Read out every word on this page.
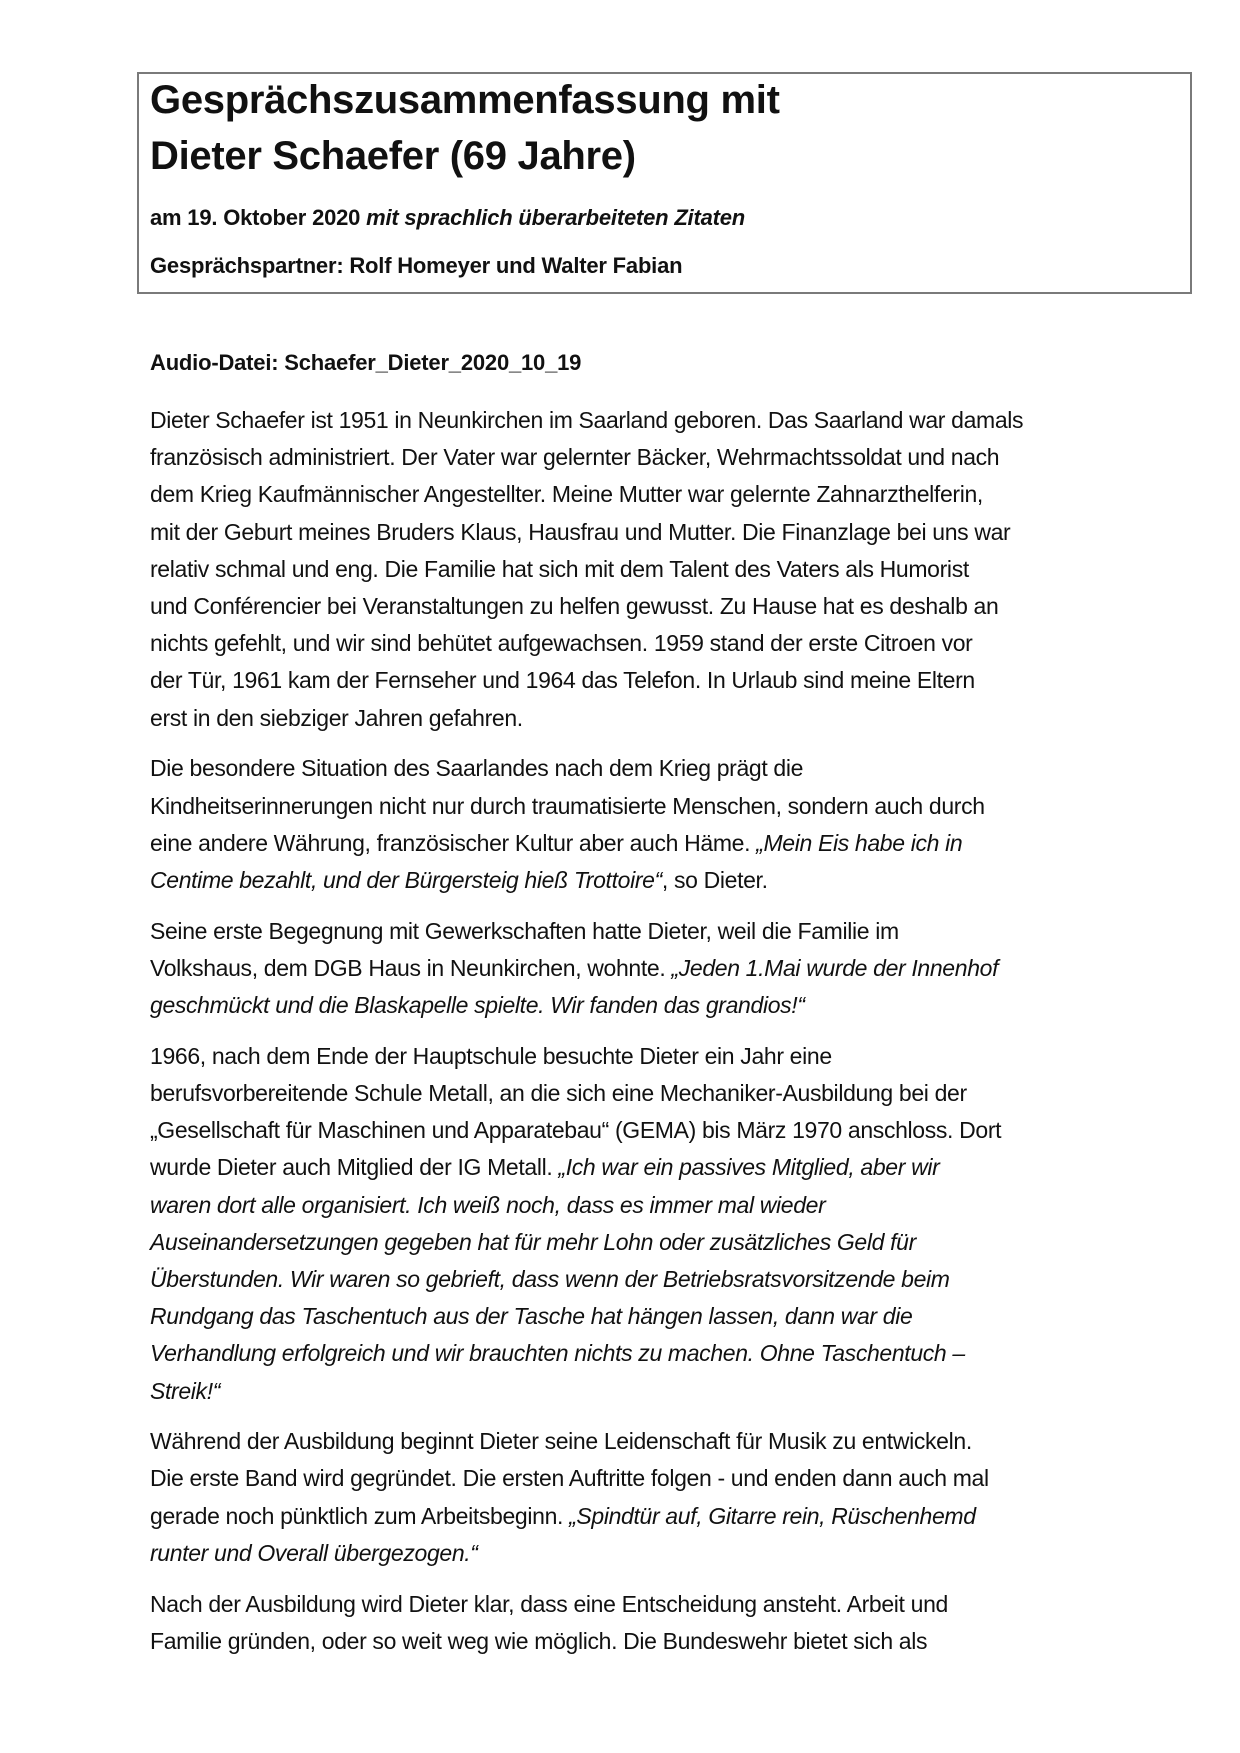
Gesprächszusammenfassung mit
Dieter Schaefer (69 Jahre)
am 19. Oktober 2020 mit sprachlich überarbeiteten Zitaten
Gesprächspartner: Rolf Homeyer und Walter Fabian
Audio-Datei: Schaefer_Dieter_2020_10_19
Dieter Schaefer ist 1951 in Neunkirchen im Saarland geboren. Das Saarland war damals
französisch administriert. Der Vater war gelernter Bäcker, Wehrmachtssoldat und nach
dem Krieg Kaufmännischer Angestellter. Meine Mutter war gelernte Zahnarzthelferin,
mit der Geburt meines Bruders Klaus, Hausfrau und Mutter. Die Finanzlage bei uns war
relativ schmal und eng. Die Familie hat sich mit dem Talent des Vaters als Humorist
und Conférencier bei Veranstaltungen zu helfen gewusst. Zu Hause hat es deshalb an
nichts gefehlt, und wir sind behütet aufgewachsen. 1959 stand der erste Citroen vor
der Tür, 1961 kam der Fernseher und 1964 das Telefon. In Urlaub sind meine Eltern
erst in den siebziger Jahren gefahren.
Die besondere Situation des Saarlandes nach dem Krieg prägt die
Kindheitserinnerungen nicht nur durch traumatisierte Menschen, sondern auch durch
eine andere Währung, französischer Kultur aber auch Häme. „Mein Eis habe ich in
Centime bezahlt, und der Bürgersteig hieß Trottoire“, so Dieter.
Seine erste Begegnung mit Gewerkschaften hatte Dieter, weil die Familie im
Volkshaus, dem DGB Haus in Neunkirchen, wohnte. „Jeden 1.Mai wurde der Innenhof
geschmückt und die Blaskapelle spielte. Wir fanden das grandios!“
1966, nach dem Ende der Hauptschule besuchte Dieter ein Jahr eine
berufsvorbereitende Schule Metall, an die sich eine Mechaniker-Ausbildung bei der
„Gesellschaft für Maschinen und Apparatebau“ (GEMA) bis März 1970 anschloss. Dort
wurde Dieter auch Mitglied der IG Metall. „Ich war ein passives Mitglied, aber wir
waren dort alle organisiert. Ich weiß noch, dass es immer mal wieder
Auseinandersetzungen gegeben hat für mehr Lohn oder zusätzliches Geld für
Überstunden. Wir waren so gebrieft, dass wenn der Betriebsratsvorsitzende beim
Rundgang das Taschentuch aus der Tasche hat hängen lassen, dann war die
Verhandlung erfolgreich und wir brauchten nichts zu machen. Ohne Taschentuch –
Streik!“
Während der Ausbildung beginnt Dieter seine Leidenschaft für Musik zu entwickeln.
Die erste Band wird gegründet. Die ersten Auftritte folgen - und enden dann auch mal
gerade noch pünktlich zum Arbeitsbeginn. „Spindtür auf, Gitarre rein, Rüschenhemd
runter und Overall übergezogen.“
Nach der Ausbildung wird Dieter klar, dass eine Entscheidung ansteht. Arbeit und
Familie gründen, oder so weit weg wie möglich. Die Bundeswehr bietet sich als
